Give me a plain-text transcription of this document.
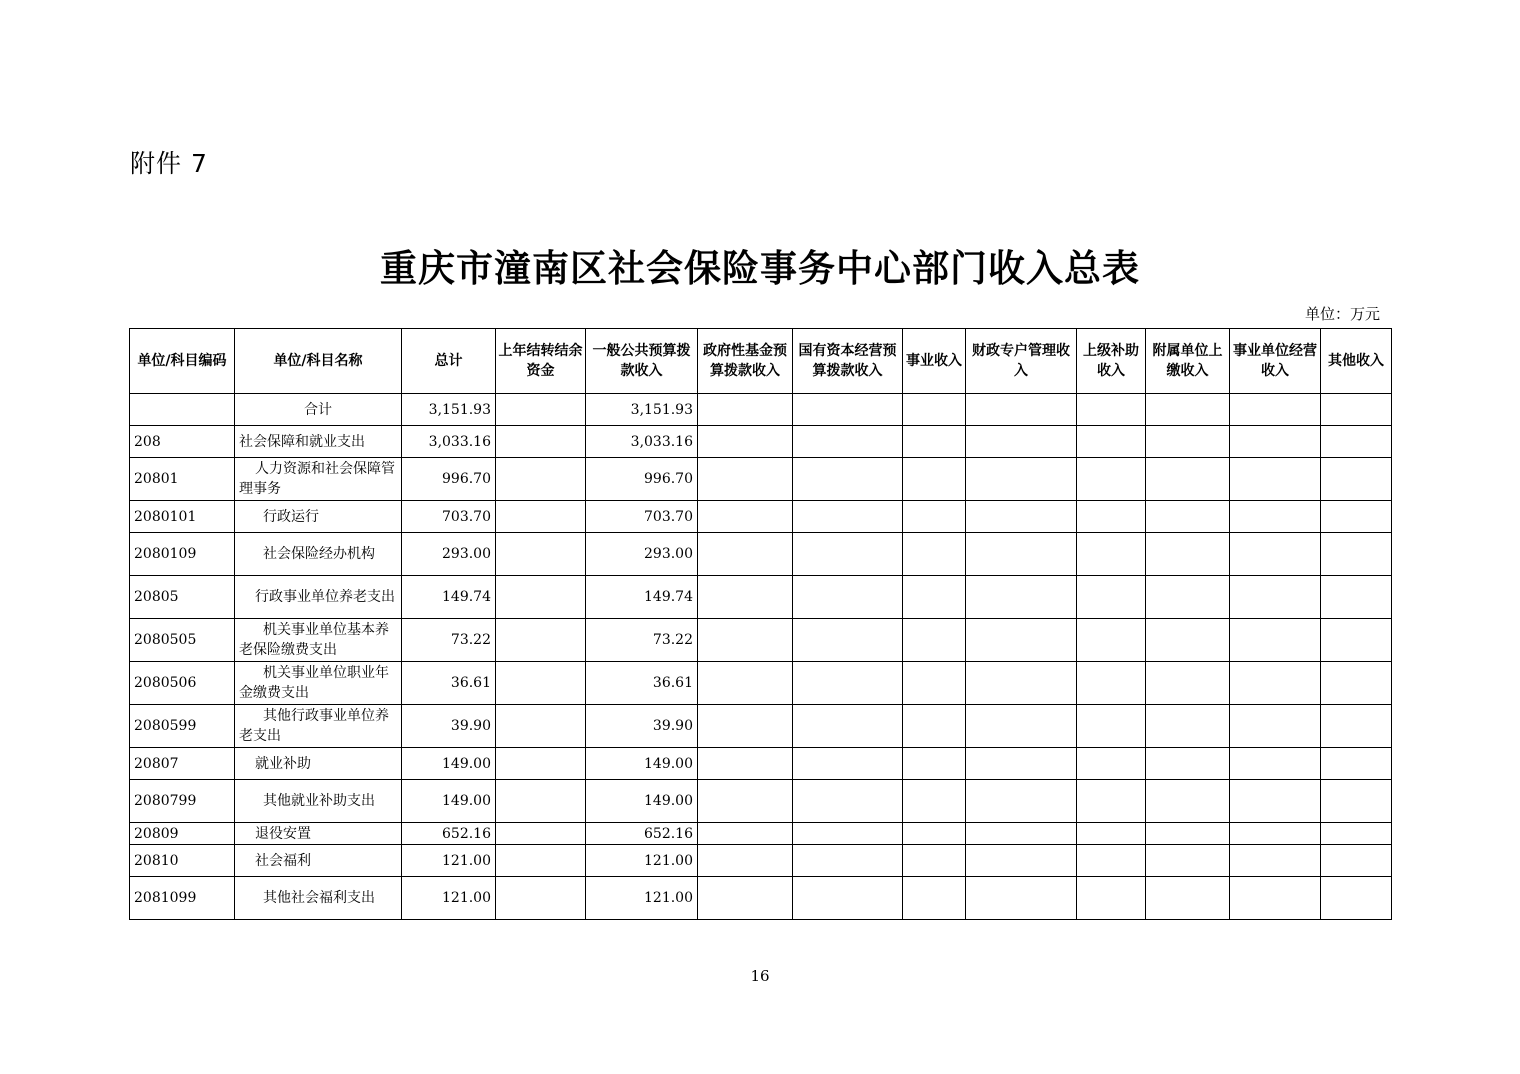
附件 7
重庆市潼南区社会保险事务中心部门收入总表
单位：万元
单位/科目编码	单位/科目名称	总计	上年结转结余资金	一般公共预算拨款收入	政府性基金预算拨款收入	国有资本经营预算拨款收入	事业收入	财政专户管理收入	上级补助收入	附属单位上缴收入	事业单位经营收入	其他收入
	合计	3,151.93		3,151.93								
208	社会保障和就业支出	3,033.16		3,033.16								
20801	人力资源和社会保障管理事务	996.70		996.70								
2080101	行政运行	703.70		703.70								
2080109	社会保险经办机构	293.00		293.00								
20805	行政事业单位养老支出	149.74		149.74								
2080505	机关事业单位基本养老保险缴费支出	73.22		73.22								
2080506	机关事业单位职业年金缴费支出	36.61		36.61								
2080599	其他行政事业单位养老支出	39.90		39.90								
20807	就业补助	149.00		149.00								
2080799	其他就业补助支出	149.00		149.00								
20809	退役安置	652.16		652.16								
20810	社会福利	121.00		121.00								
2081099	其他社会福利支出	121.00		121.00								
16
